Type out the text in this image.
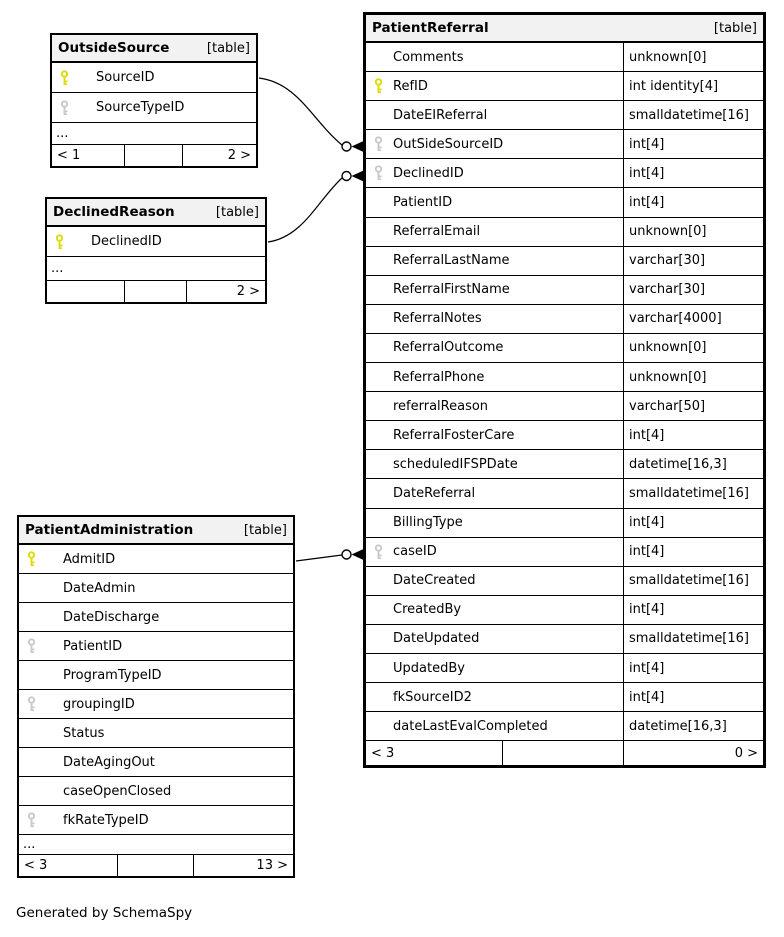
OutsideSource	[table]
SourceID
SourceTypeID
...
< 1	2 >
DeclinedReason	[table]
DeclinedID
...
2 >
PatientAdministration	[table]
AdmitID
DateAdmin
DateDischarge
PatientID
ProgramTypeID
groupingID
Status
DateAgingOut
caseOpenClosed
fkRateTypeID
...
< 3	13 >
PatientReferral	[table]
Comments	unknown[0]
RefID	int identity[4]
DateEIReferral	smalldatetime[16]
OutSideSourceID	int[4]
DeclinedID	int[4]
PatientID	int[4]
ReferralEmail	unknown[0]
ReferralLastName	varchar[30]
ReferralFirstName	varchar[30]
ReferralNotes	varchar[4000]
ReferralOutcome	unknown[0]
ReferralPhone	unknown[0]
referralReason	varchar[50]
ReferralFosterCare	int[4]
scheduledIFSPDate	datetime[16,3]
DateReferral	smalldatetime[16]
BillingType	int[4]
caseID	int[4]
DateCreated	smalldatetime[16]
CreatedBy	int[4]
DateUpdated	smalldatetime[16]
UpdatedBy	int[4]
fkSourceID2	int[4]
dateLastEvalCompleted	datetime[16,3]
< 3	0 >
Generated by SchemaSpy
